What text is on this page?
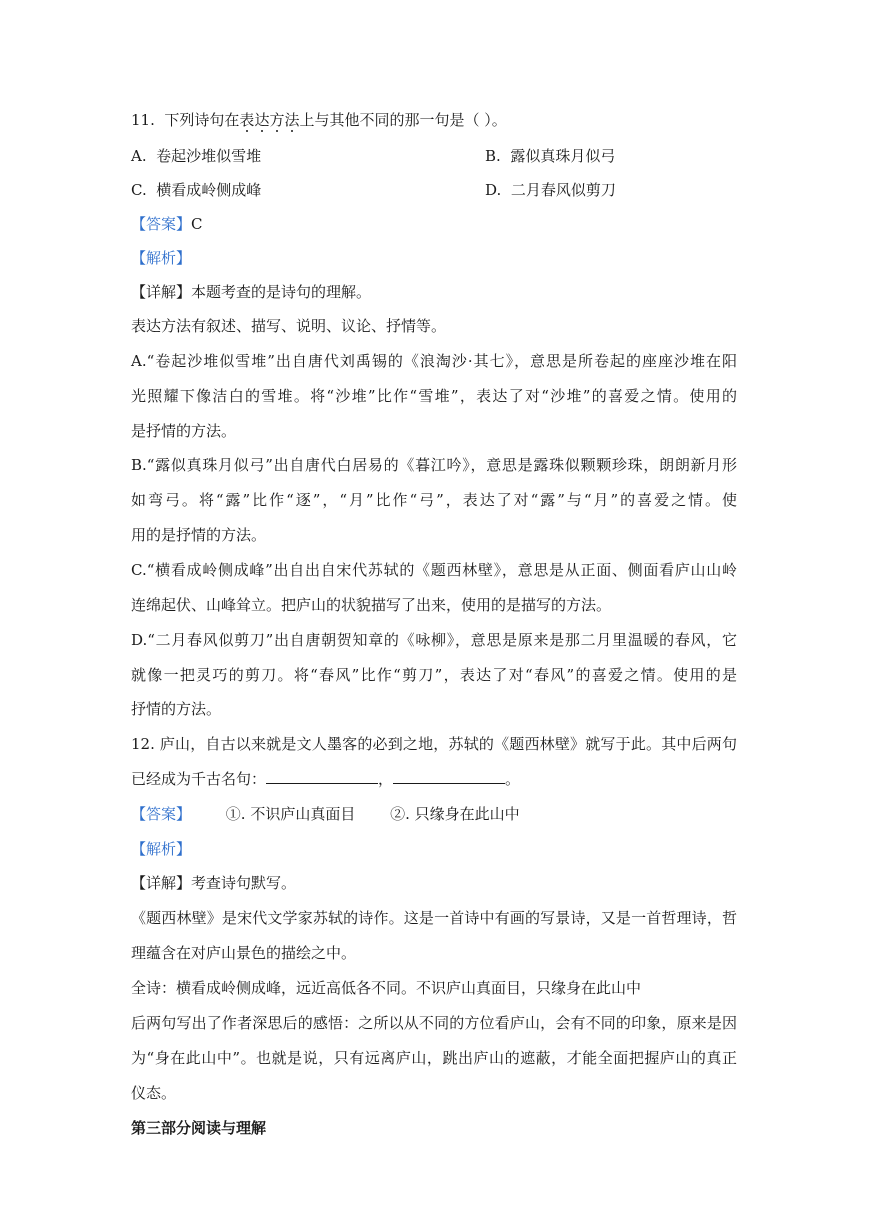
11. 下列诗句在表达方法上与其他不同的那一句是（ ）。
A. 卷起沙堆似雪堆	B. 露似真珠月似弓
C. 横看成岭侧成峰	D. 二月春风似剪刀
【答案】C
【解析】
【详解】本题考查的是诗句的理解。
表达方法有叙述、描写、说明、议论、抒情等。
A.“卷起沙堆似雪堆”出自唐代刘禹锡的《浪淘沙·其七》，意思是所卷起的座座沙堆在阳
光照耀下像洁白的雪堆。将“沙堆”比作“雪堆”，表达了对“沙堆”的喜爱之情。使用的
是抒情的方法。
B.“露似真珠月似弓”出自唐代白居易的《暮江吟》，意思是露珠似颗颗珍珠，朗朗新月形
如弯弓。将“露”比作“逐”，“月”比作“弓”，表达了对“露”与“月”的喜爱之情。使
用的是抒情的方法。
C.“横看成岭侧成峰”出自出自宋代苏轼的《题西林壁》，意思是从正面、侧面看庐山山岭
连绵起伏、山峰耸立。把庐山的状貌描写了出来，使用的是描写的方法。
D.“二月春风似剪刀”出自唐朝贺知章的《咏柳》，意思是原来是那二月里温暖的春风，它
就像一把灵巧的剪刀。将“春风”比作“剪刀”，表达了对“春风”的喜爱之情。使用的是
抒情的方法。
12. 庐山，自古以来就是文人墨客的必到之地，苏轼的《题西林壁》就写于此。其中后两句
已经成为千古名句：	，	。
【答案】 ①. 不识庐山真面目 ②. 只缘身在此山中
【解析】
【详解】考查诗句默写。
《题西林壁》是宋代文学家苏轼的诗作。这是一首诗中有画的写景诗，又是一首哲理诗，哲
理蕴含在对庐山景色的描绘之中。
全诗：横看成岭侧成峰，远近高低各不同。不识庐山真面目，只缘身在此山中
后两句写出了作者深思后的感悟：之所以从不同的方位看庐山，会有不同的印象，原来是因
为“身在此山中”。也就是说，只有远离庐山，跳出庐山的遮蔽，才能全面把握庐山的真正
仪态。
第三部分阅读与理解
